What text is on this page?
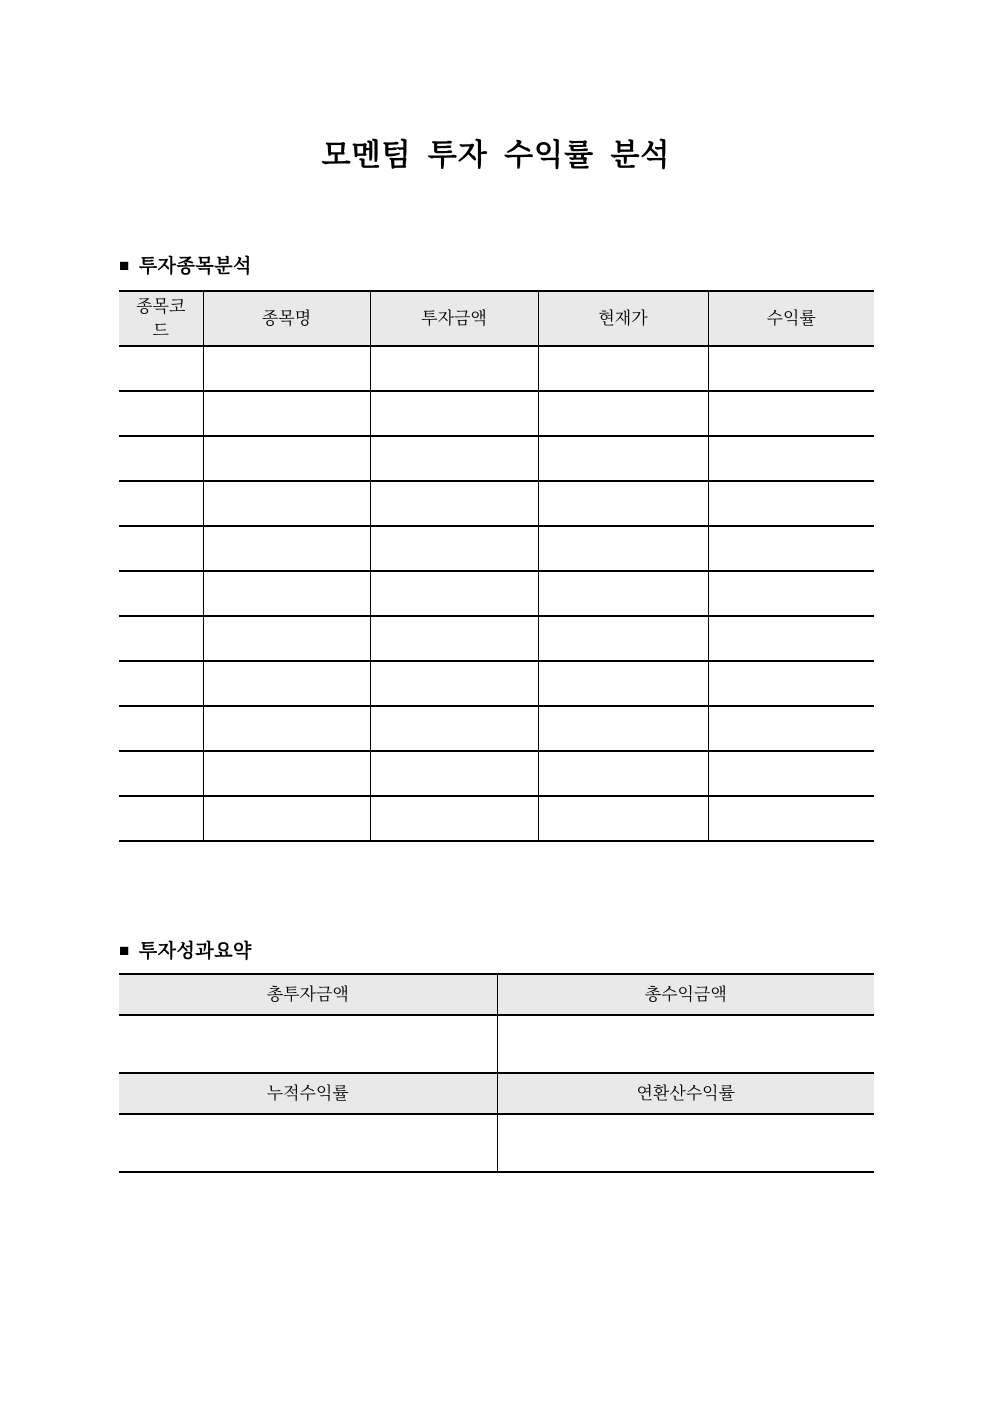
모멘텀 투자 수익률 분석
■ 투자종목분석
종목코드	종목명	투자금액	현재가	수익률

■ 투자성과요약
총투자금액	총수익금액

누적수익률	연환산수익률
